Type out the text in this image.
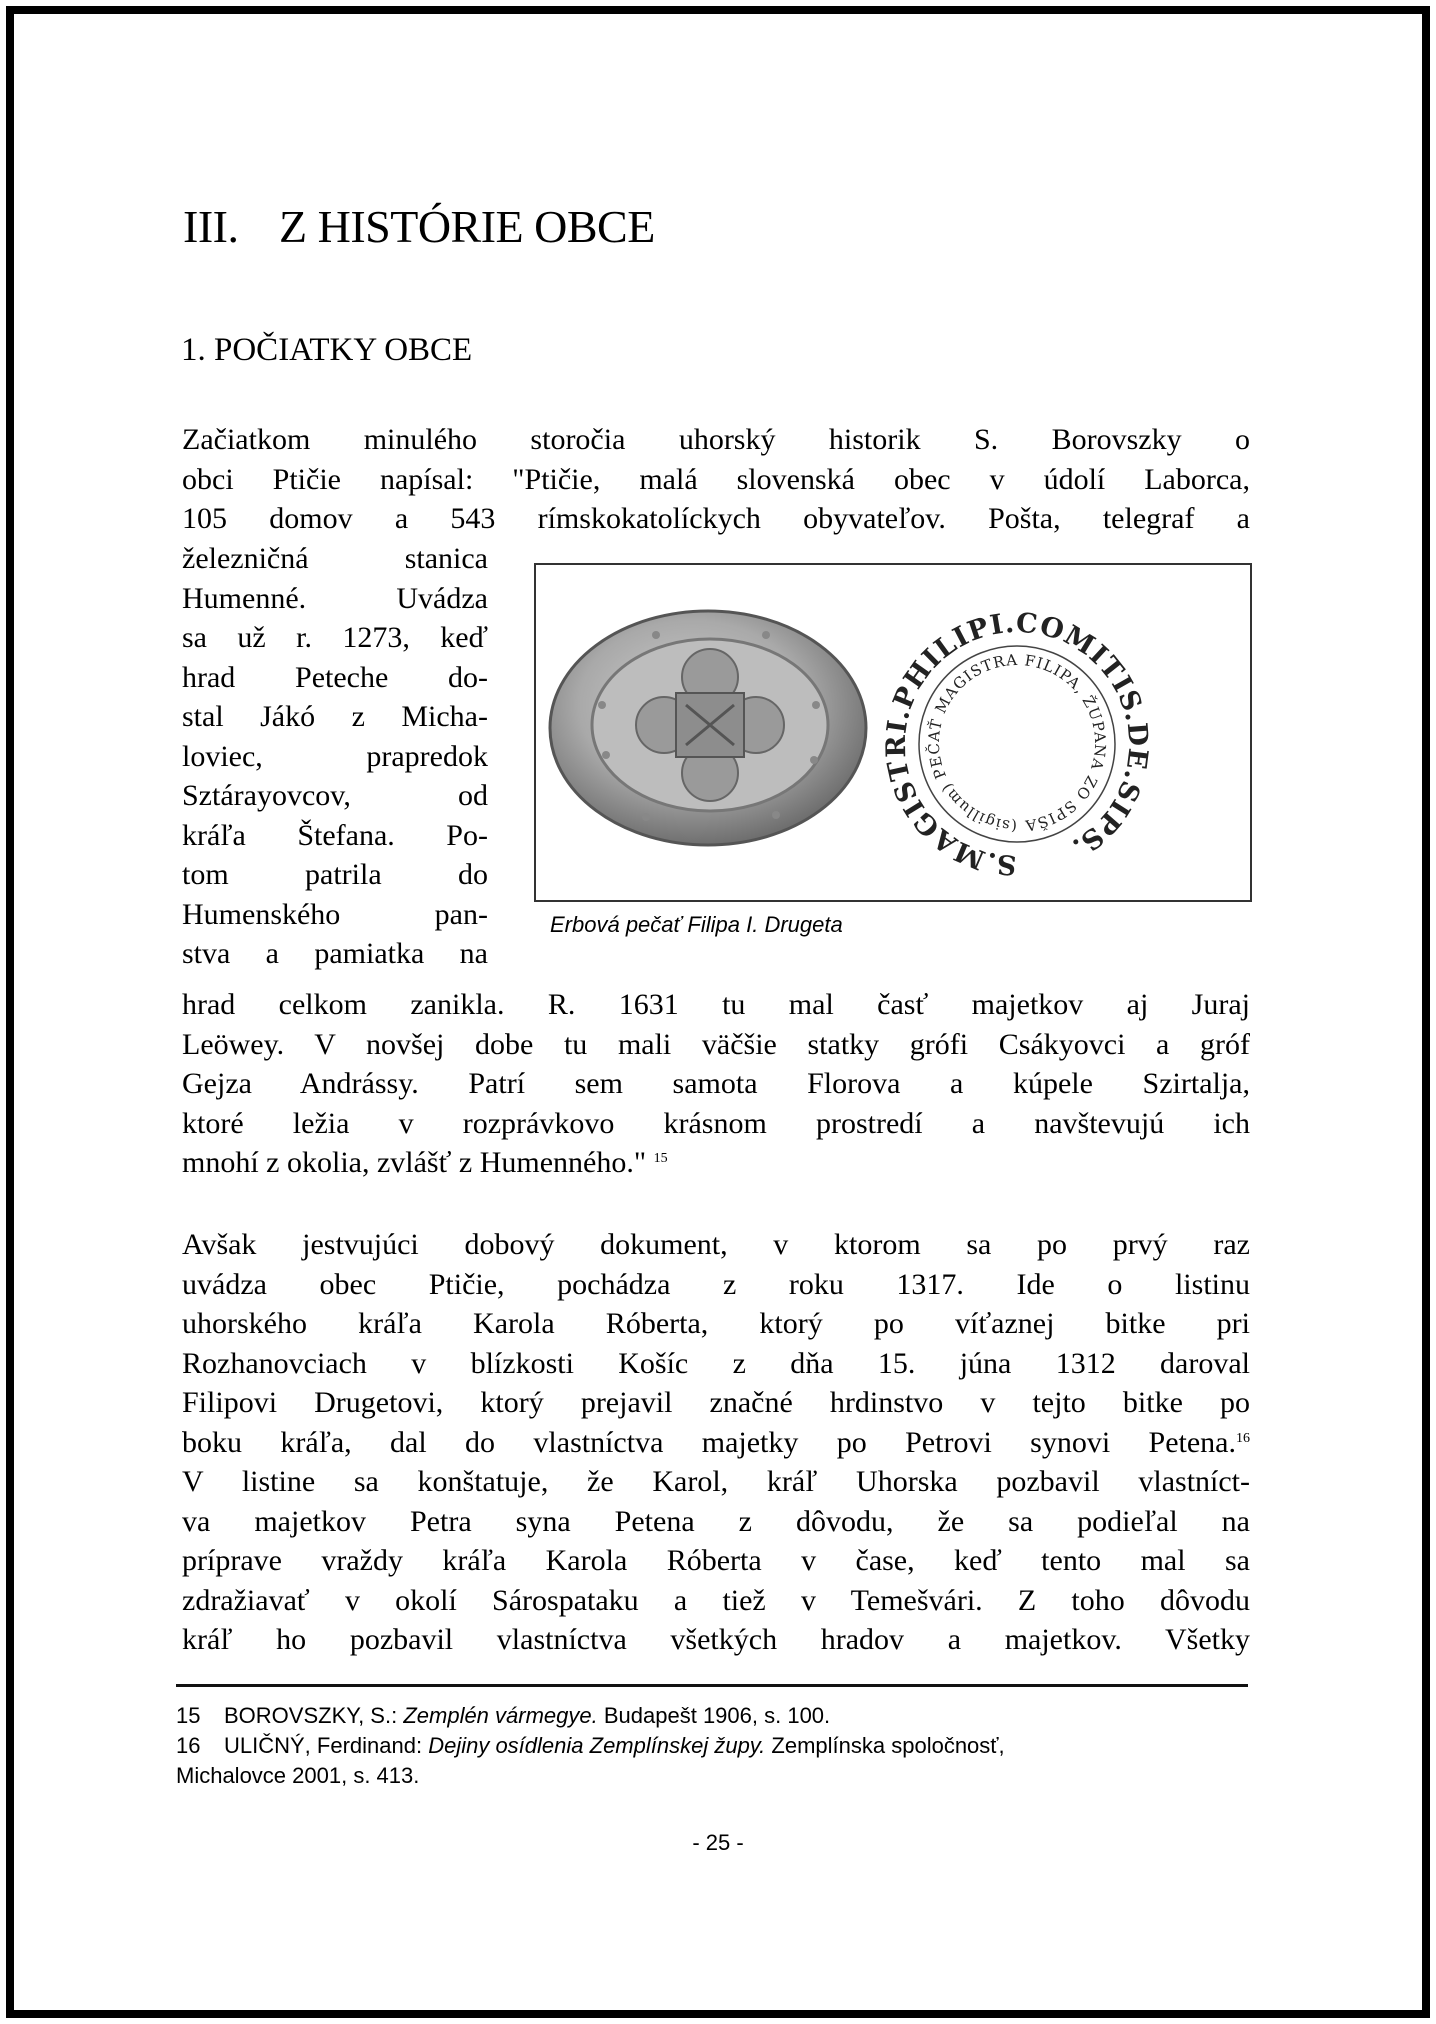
III. Z HISTÓRIE OBCE
1. POČIATKY OBCE
Začiatkom minulého storočia uhorský historik S. Borovszky o
obci Ptičie napísal: "Ptičie, malá slovenská obec v údolí Laborca,
105 domov a 543 rímskokatolíckych obyvateľov. Pošta, telegraf a
železničná stanica
Humenné. Uvádza
sa už r. 1273, keď
hrad Peteche do-
stal Jákó z Micha-
loviec, prapredok
Sztárayovcov, od
kráľa Štefana. Po-
tom patrila do
Humenského pan-
stva a pamiatka na
hrad celkom zanikla. R. 1631 tu mal časť majetkov aj Juraj
Leöwey. V novšej dobe tu mali väčšie statky grófi Csákyovci a gróf
Gejza Andrássy. Patrí sem samota Florova a kúpele Szirtalja,
ktoré ležia v rozprávkovo krásnom prostredí a navštevujú ich
mnohí z okolia, zvlášť z Humenného." $^{15}$
S.MAGISTRI.PHILIPI.COMITIS.DE.SIPS.
(sigillum) PEČAŤ MAGISTRA FILIPA, ŽUPANA ZO SPIŠA
Erbová pečať Filipa I. Drugeta
Avšak jestvujúci dobový dokument, v ktorom sa po prvý raz
uvádza obec Ptičie, pochádza z roku 1317. Ide o listinu
uhorského kráľa Karola Róberta, ktorý po víťaznej bitke pri
Rozhanovciach v blízkosti Košíc z dňa 15. júna 1312 daroval
Filipovi Drugetovi, ktorý prejavil značné hrdinstvo v tejto bitke po
boku kráľa, dal do vlastníctva majetky po Petrovi synovi Petena.$^{16}$
V listine sa konštatuje, že Karol, kráľ Uhorska pozbavil vlastníct-
va majetkov Petra syna Petena z dôvodu, že sa podieľal na
príprave vraždy kráľa Karola Róberta v čase, keď tento mal sa
zdražiavať v okolí Sárospataku a tiež v Temešvári. Z toho dôvodu
kráľ ho pozbavil vlastníctva všetkých hradov a majetkov. Všetky
15 BOROVSZKY, S.: Zemplén vármegye. Budapešt 1906, s. 100.
16 ULIČNÝ, Ferdinand: Dejiny osídlenia Zemplínskej župy. Zemplínska spoločnosť,
Michalovce 2001, s. 413.
- 25 -
